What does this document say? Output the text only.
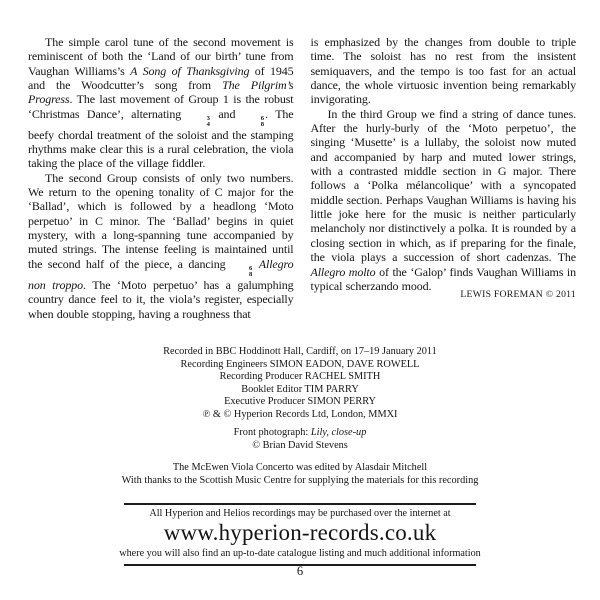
The simple carol tune of the second movement is reminiscent of both the ‘Land of our birth’ tune from Vaughan Williams’s A Song of Thanksgiving of 1945 and the Woodcutter’s song from The Pilgrim’s Progress. The last movement of Group 1 is the robust ‘Christmas Dance’, alternating	3
4
and	6
8
. The beefy chordal treatment of the soloist and the stamping rhythms make clear this is a rural celebration, the viola taking the place of the village fiddler.

The second Group consists of only two numbers. We return to the opening tonality of C major for the ‘Ballad’, which is followed by a headlong ‘Moto perpetuo’ in C minor. The ‘Ballad’ begins in quiet mystery, with a long-spanning tune accompanied by muted strings. The intense feeling is maintained until the second half of the piece, a dancing	6
8
Allegro non troppo. The ‘Moto perpetuo’ has a galumphing country dance feel to it, the viola’s register, especially when double stopping, having a roughness that

is emphasized by the changes from double to triple time. The soloist has no rest from the insistent semiquavers, and the tempo is too fast for an actual dance, the whole virtuosic invention being remarkably invigorating.

In the third Group we find a string of dance tunes. After the hurly-burly of the ‘Moto perpetuo’, the singing ‘Musette’ is a lullaby, the soloist now muted and accompanied by harp and muted lower strings, with a contrasted middle section in G major. There follows a ‘Polka mélancolique’ with a syncopated middle section. Perhaps Vaughan Williams is having his little joke here for the music is neither particularly melancholy nor distinctively a polka. It is rounded by a closing section in which, as if preparing for the finale, the viola plays a succession of short cadenzas. The Allegro molto of the ‘Galop’ finds Vaughan Williams in typical scherzando mood.

LEWIS FOREMAN © 2011
Recorded in BBC Hoddinott Hall, Cardiff, on 17–19 January 2011
Recording Engineers SIMON EADON, DAVE ROWELL
Recording Producer RACHEL SMITH
Booklet Editor TIM PARRY
Executive Producer SIMON PERRY
℗ & © Hyperion Records Ltd, London, MMXI
Front photograph: Lily, close-up
© Brian David Stevens
The McEwen Viola Concerto was edited by Alasdair Mitchell
With thanks to the Scottish Music Centre for supplying the materials for this recording
All Hyperion and Helios recordings may be purchased over the internet at
www.hyperion-records.co.uk
where you will also find an up-to-date catalogue listing and much additional information
6
